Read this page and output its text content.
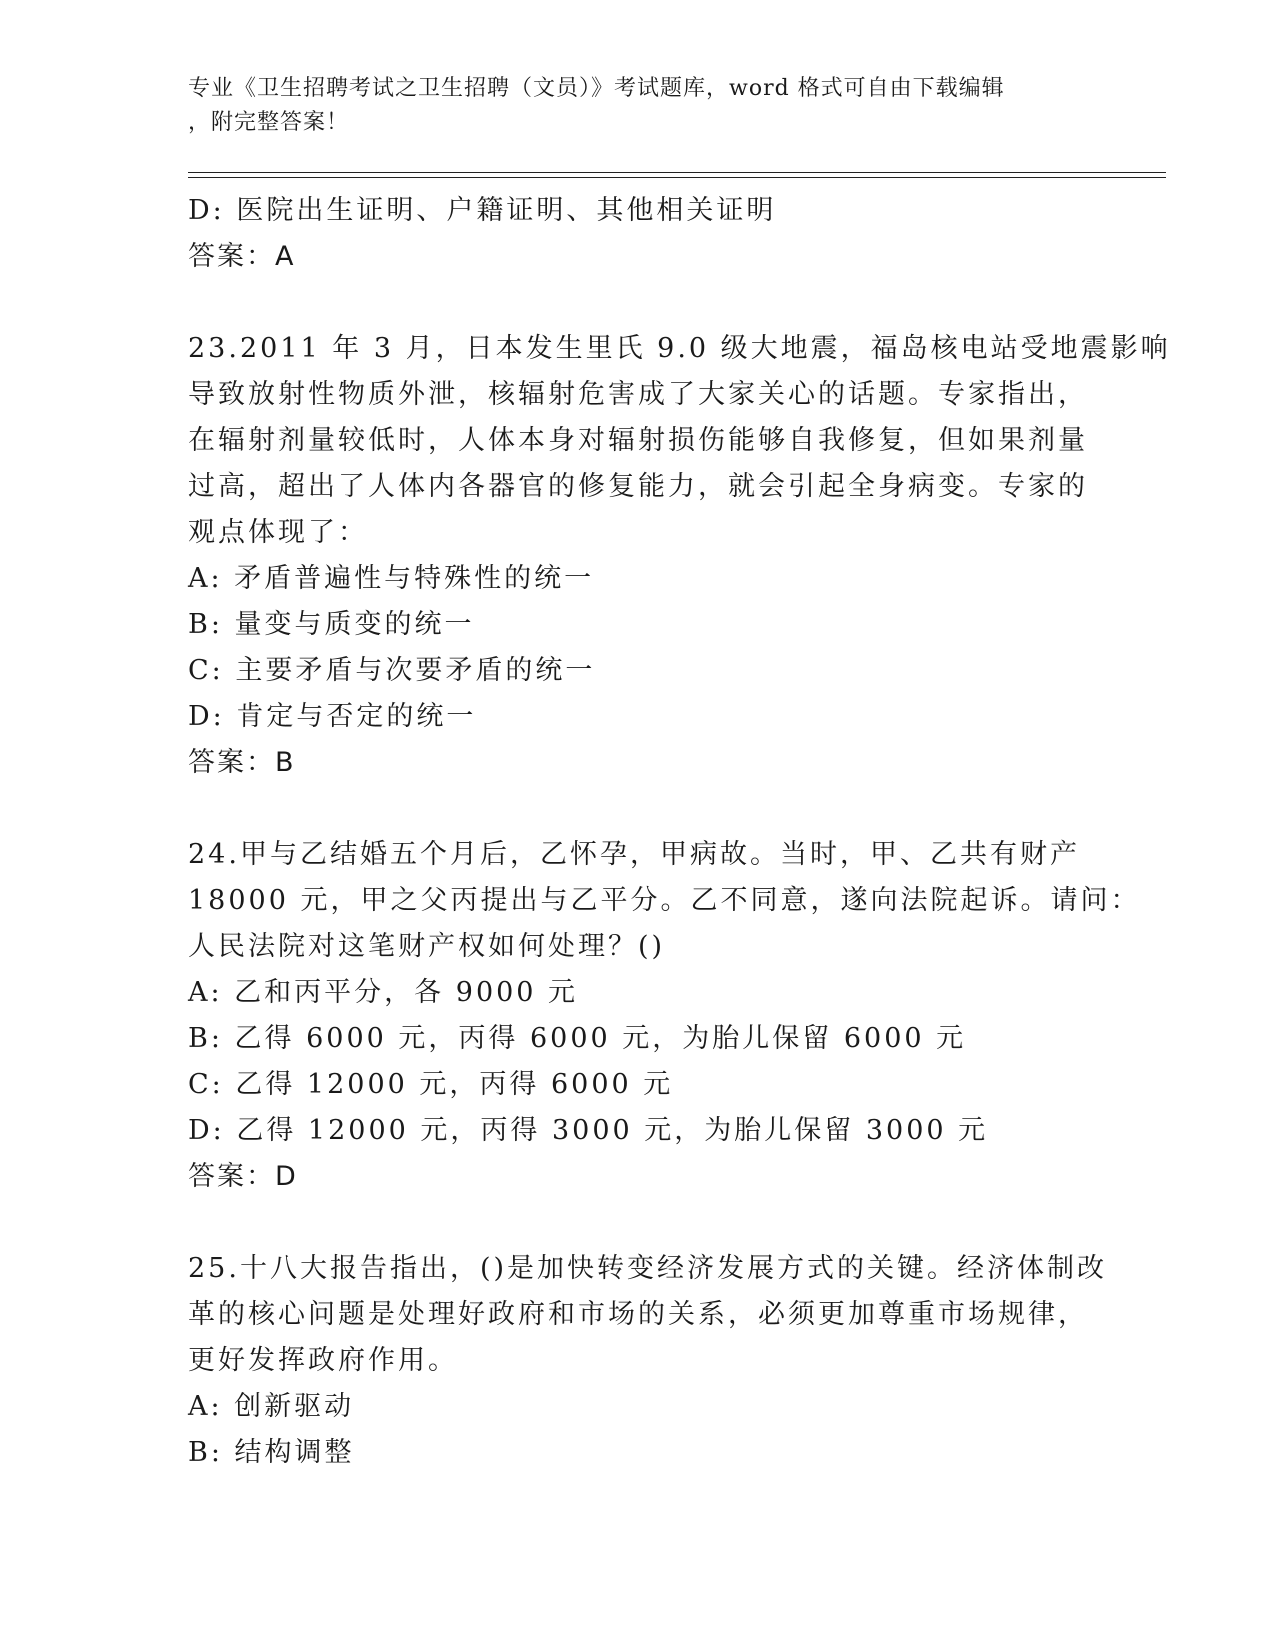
专业《卫生招聘考试之卫生招聘（文员）》考试题库，word 格式可自由下载编辑
，附完整答案！
D: 医院出生证明、户籍证明、其他相关证明
答案：A
23.2011 年 3 月，日本发生里氏 9.0 级大地震，福岛核电站受地震影响
导致放射性物质外泄，核辐射危害成了大家关心的话题。专家指出，
在辐射剂量较低时，人体本身对辐射损伤能够自我修复，但如果剂量
过高，超出了人体内各器官的修复能力，就会引起全身病变。专家的
观点体现了：
A: 矛盾普遍性与特殊性的统一
B: 量变与质变的统一
C: 主要矛盾与次要矛盾的统一
D: 肯定与否定的统一
答案：B
24.甲与乙结婚五个月后，乙怀孕，甲病故。当时，甲、乙共有财产
18000 元，甲之父丙提出与乙平分。乙不同意，遂向法院起诉。请问：
人民法院对这笔财产权如何处理？()
A: 乙和丙平分，各 9000 元
B: 乙得 6000 元，丙得 6000 元，为胎儿保留 6000 元
C: 乙得 12000 元，丙得 6000 元
D: 乙得 12000 元，丙得 3000 元，为胎儿保留 3000 元
答案：D
25.十八大报告指出，()是加快转变经济发展方式的关键。经济体制改
革的核心问题是处理好政府和市场的关系，必须更加尊重市场规律，
更好发挥政府作用。
A: 创新驱动
B: 结构调整
